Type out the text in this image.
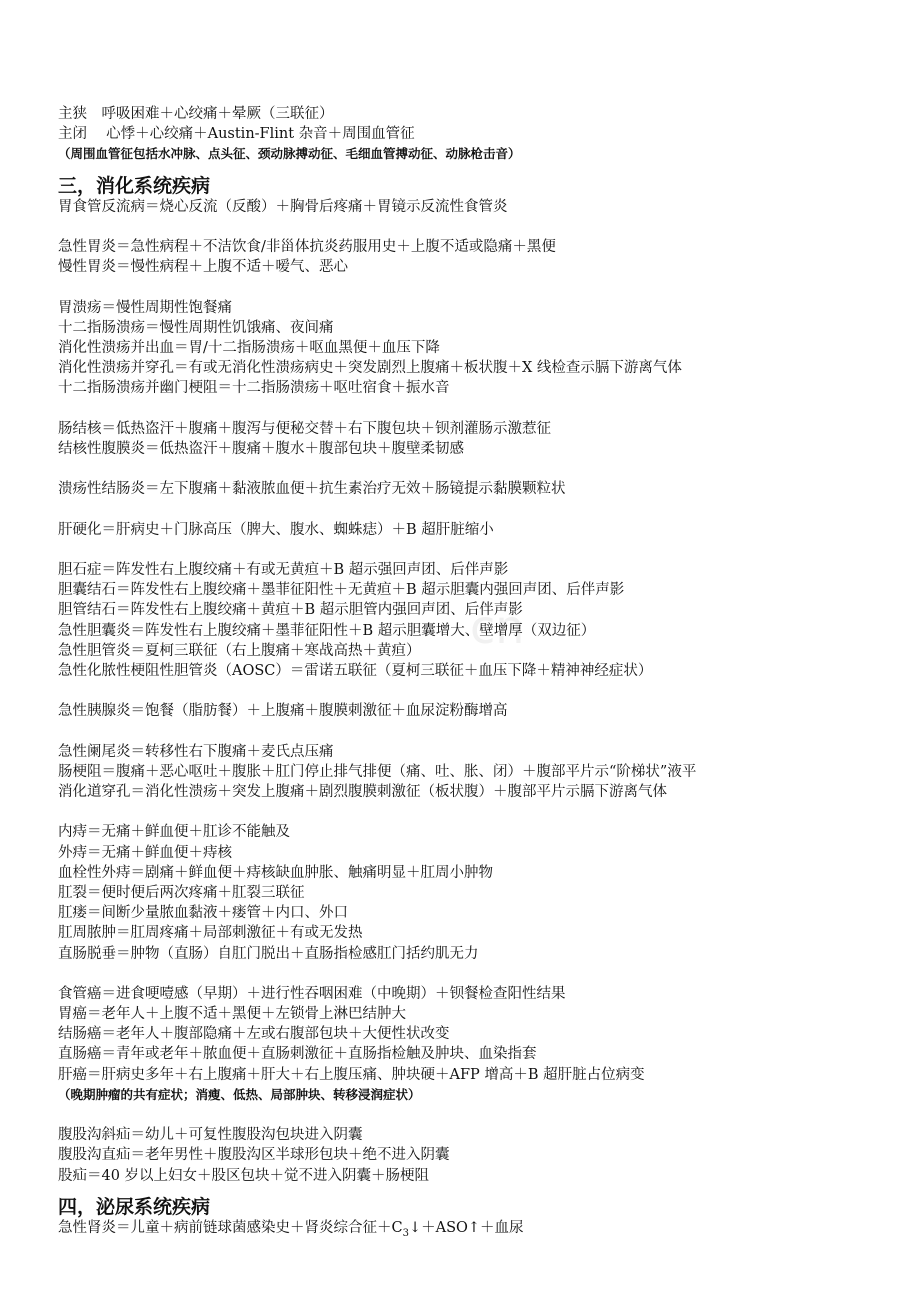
cn
主狭　呼吸困难＋心绞痛＋晕厥（三联征）
主闭　 心悸＋心绞痛＋Austin-Flint 杂音＋周围血管征
（周围血管征包括水冲脉、点头征、颈动脉搏动征、毛细血管搏动征、动脉枪击音）
三，消化系统疾病
胃食管反流病＝烧心反流（反酸）＋胸骨后疼痛＋胃镜示反流性食管炎
急性胃炎＝急性病程＋不洁饮食/非甾体抗炎药服用史＋上腹不适或隐痛＋黑便
慢性胃炎＝慢性病程＋上腹不适＋嗳气、恶心
胃溃疡＝慢性周期性饱餐痛
十二指肠溃疡＝慢性周期性饥饿痛、夜间痛
消化性溃疡并出血＝胃/十二指肠溃疡＋呕血黑便＋血压下降
消化性溃疡并穿孔＝有或无消化性溃疡病史＋突发剧烈上腹痛＋板状腹＋X 线检查示膈下游离气体
十二指肠溃疡并幽门梗阻＝十二指肠溃疡＋呕吐宿食＋振水音
肠结核＝低热盗汗＋腹痛＋腹泻与便秘交替＋右下腹包块＋钡剂灌肠示激惹征
结核性腹膜炎＝低热盗汗＋腹痛＋腹水＋腹部包块＋腹壁柔韧感
溃疡性结肠炎＝左下腹痛＋黏液脓血便＋抗生素治疗无效＋肠镜提示黏膜颗粒状
肝硬化＝肝病史＋门脉高压（脾大、腹水、蜘蛛痣）＋B 超肝脏缩小
胆石症＝阵发性右上腹绞痛＋有或无黄疸＋B 超示强回声团、后伴声影
胆囊结石＝阵发性右上腹绞痛＋墨菲征阳性＋无黄疸＋B 超示胆囊内强回声团、后伴声影
胆管结石＝阵发性右上腹绞痛＋黄疸＋B 超示胆管内强回声团、后伴声影
急性胆囊炎＝阵发性右上腹绞痛＋墨菲征阳性＋B 超示胆囊增大、壁增厚（双边征）
急性胆管炎＝夏柯三联征（右上腹痛＋寒战高热＋黄疸）
急性化脓性梗阻性胆管炎（AOSC）＝雷诺五联征（夏柯三联征＋血压下降＋精神神经症状）
急性胰腺炎＝饱餐（脂肪餐）＋上腹痛＋腹膜刺激征＋血尿淀粉酶增高
急性阑尾炎＝转移性右下腹痛＋麦氏点压痛
肠梗阻＝腹痛＋恶心呕吐＋腹胀＋肛门停止排气排便（痛、吐、胀、闭）＋腹部平片示“阶梯状”液平
消化道穿孔＝消化性溃疡＋突发上腹痛＋剧烈腹膜刺激征（板状腹）＋腹部平片示膈下游离气体
内痔＝无痛＋鲜血便＋肛诊不能触及
外痔＝无痛＋鲜血便＋痔核
血栓性外痔＝剧痛＋鲜血便＋痔核缺血肿胀、触痛明显＋肛周小肿物
肛裂＝便时便后两次疼痛＋肛裂三联征
肛瘘＝间断少量脓血黏液＋瘘管＋内口、外口
肛周脓肿＝肛周疼痛＋局部刺激征＋有或无发热
直肠脱垂＝肿物（直肠）自肛门脱出＋直肠指检感肛门括约肌无力
食管癌＝进食哽噎感（早期）＋进行性吞咽困难（中晚期）＋钡餐检查阳性结果
胃癌＝老年人＋上腹不适＋黑便＋左锁骨上淋巴结肿大
结肠癌＝老年人＋腹部隐痛＋左或右腹部包块＋大便性状改变
直肠癌＝青年或老年＋脓血便＋直肠刺激征＋直肠指检触及肿块、血染指套
肝癌＝肝病史多年＋右上腹痛＋肝大＋右上腹压痛、肿块硬＋AFP 增高＋B 超肝脏占位病变
（晚期肿瘤的共有症状；消瘦、低热、局部肿块、转移浸润症状）
腹股沟斜疝＝幼儿＋可复性腹股沟包块进入阴囊
腹股沟直疝＝老年男性＋腹股沟区半球形包块＋绝不进入阴囊
股疝＝40 岁以上妇女＋股区包块＋觉不进入阴囊＋肠梗阻
四，泌尿系统疾病
急性肾炎＝儿童＋病前链球菌感染史＋肾炎综合征$+C_3↓+ASO↑+$血尿
